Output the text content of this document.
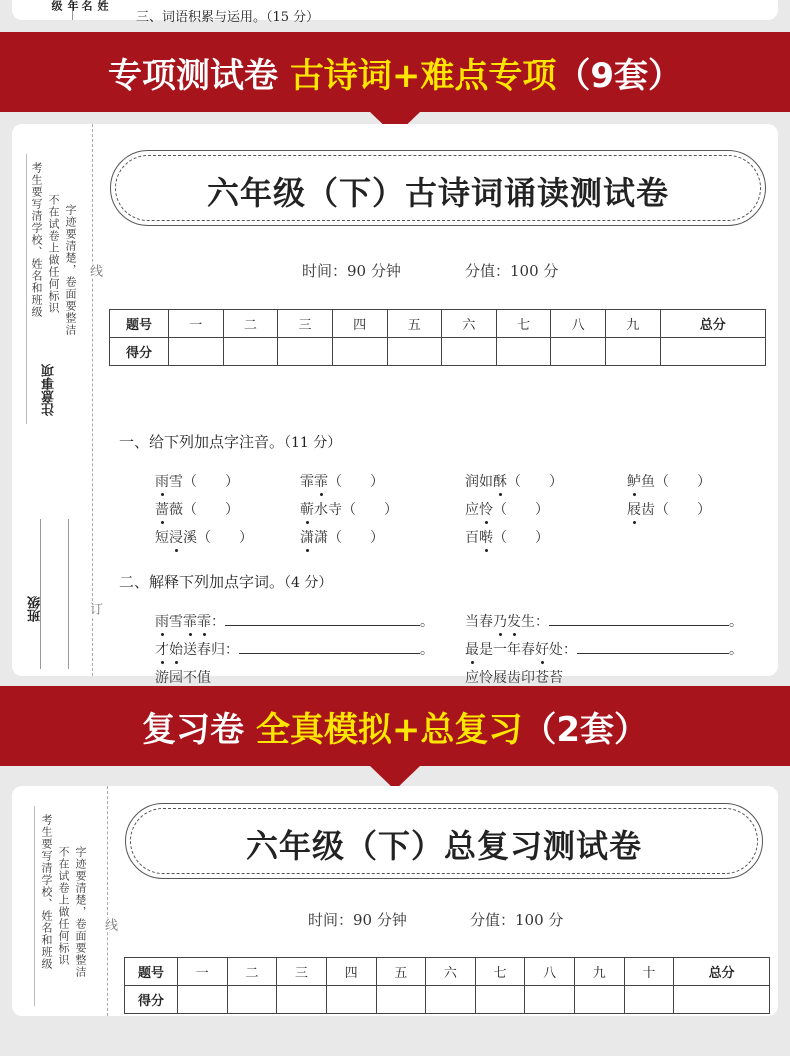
年级	姓名
三、词语积累与运用。（15 分）
专项测试卷 古诗词+难点专项（9套）
考生要写清学校、姓名和班级 不在试卷上做任何标识 字迹要清楚，卷面要整洁
注意事项
班级
线
订
六年级（下）古诗词诵读测试卷
时间：90 分钟	分值：100 分
题号	一	二	三	四	五	六	七	八	九	总分
得分										
一、给下列加点字注音。（11 分）
雨雪（　　）	霏霏（　　）	润如酥（　　）	鲈鱼（　　）
蔷薇（　　）	蕲水寺（　　）	应怜（　　）	屐齿（　　）
短浸溪（　　）	潇潇（　　）	百啭（　　）
二、解释下列加点字词。（4 分）
雨雪霏霏：	。 当春乃发生：	。
才始送春归：	。 最是一年春好处：	。
游园不值	应怜屐齿印苍苔
复习卷 全真模拟+总复习（2套）
考生要写清学校、姓名和班级 不在试卷上做任何标识 字迹要清楚，卷面要整洁 线
六年级（下）总复习测试卷
时间：90 分钟	分值：100 分
题号	一	二	三	四	五	六	七	八	九	十	总分
得分											
